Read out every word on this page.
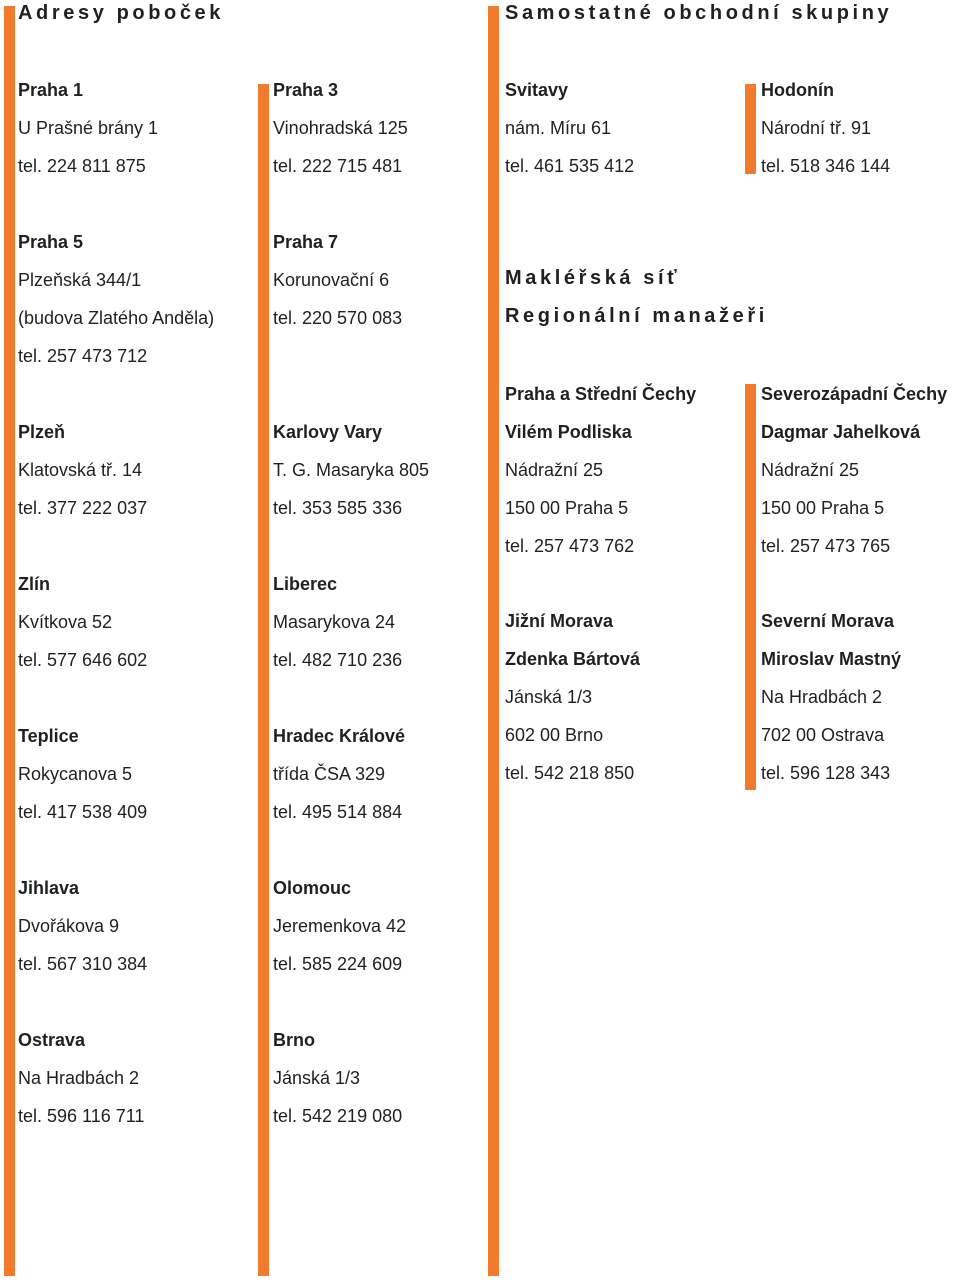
Adresy poboček	Samostatné obchodní skupiny
Makléřská síť
Regionální manažeři
Praha 1
U Prašné brány 1
tel. 224 811 875
Praha 5
Plzeňská 344/1
(budova Zlatého Anděla)
tel. 257 473 712
Plzeň
Klatovská tř. 14
tel. 377 222 037
Zlín
Kvítkova 52
tel. 577 646 602
Teplice
Rokycanova 5
tel. 417 538 409
Jihlava
Dvořákova 9
tel. 567 310 384
Ostrava
Na Hradbách 2
tel. 596 116 711
Praha 3
Vinohradská 125
tel. 222 715 481
Praha 7
Korunovační 6
tel. 220 570 083
Karlovy Vary
T. G. Masaryka 805
tel. 353 585 336
Liberec
Masarykova 24
tel. 482 710 236
Hradec Králové
třída ČSA 329
tel. 495 514 884
Olomouc
Jeremenkova 42
tel. 585 224 609
Brno
Jánská 1/3
tel. 542 219 080
Svitavy
nám. Míru 61
tel. 461 535 412
Praha a Střední Čechy
Vilém Podliska
Nádražní 25
150 00 Praha 5
tel. 257 473 762
Jižní Morava
Zdenka Bártová
Jánská 1/3
602 00 Brno
tel. 542 218 850
Hodonín
Národní tř. 91
tel. 518 346 144
Severozápadní Čechy
Dagmar Jahelková
Nádražní 25
150 00 Praha 5
tel. 257 473 765
Severní Morava
Miroslav Mastný
Na Hradbách 2
702 00 Ostrava
tel. 596 128 343
